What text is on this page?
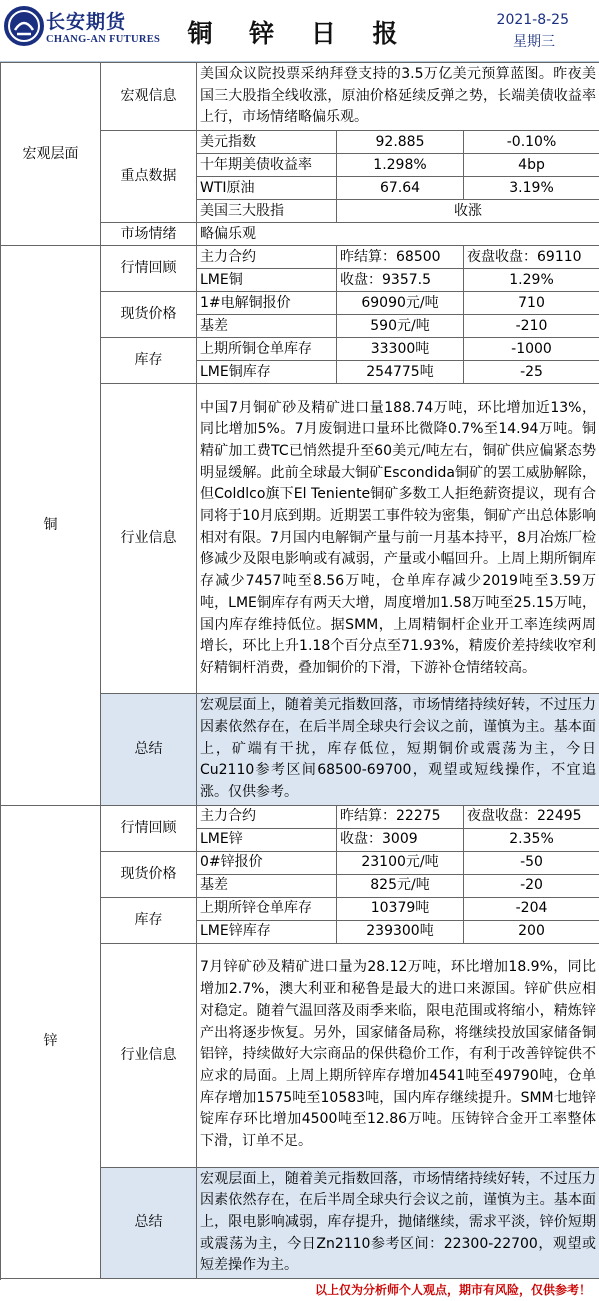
长安期货
CHANG-AN FUTURES	铜 锌 日 报	2021-8-25
星期三
宏观层面	宏观信息	美国众议院投票采纳拜登支持的3.5万亿美元预算蓝图。昨夜美国三大股指全线收涨，原油价格延续反弹之势，长端美债收益率上行，市场情绪略偏乐观。		
	重点数据	美元指数	92.885	-0.10%
		十年期美债收益率	1.298%	4bp
		WTI原油	67.64	3.19%
		美国三大股指	收涨	
	市场情绪	略偏乐观		

铜	行情回顾	主力合约	昨结算：68500	夜盘收盘：69110
		LME铜	收盘：9357.5	1.29%
	现货价格	1#电解铜报价	69090元/吨	710
		基差	590元/吨	-210
	库存	上期所铜仓单库存	33300吨	-1000
		LME铜库存	254775吨	-25
	行业信息	中国7月铜矿砂及精矿进口量188.74万吨，环比增加近13%，同比增加5%。7月废铜进口量环比微降0.7%至14.94万吨。铜精矿加工费TC已悄然提升至60美元/吨左右，铜矿供应偏紧态势明显缓解。此前全球最大铜矿Escondida铜矿的罢工威胁解除，但Coldlco旗下El Teniente铜矿多数工人拒绝薪资提议，现有合同将于10月底到期。近期罢工事件较为密集，铜矿产出总体影响相对有限。7月国内电解铜产量与前一月基本持平，8月冶炼厂检修减少及限电影响或有减弱，产量或小幅回升。上周上期所铜库存减少7457吨至8.56万吨，仓单库存减少2019吨至3.59万吨，LME铜库存有两天大增，周度增加1.58万吨至25.15万吨，国内库存维持低位。据SMM，上周精铜杆企业开工率连续两周增长，环比上升1.18个百分点至71.93%，精废价差持续收窄利好精铜杆消费，叠加铜价的下滑，下游补仓情绪较高。		
	总结	宏观层面上，随着美元指数回落，市场情绪持续好转，不过压力因素依然存在，在后半周全球央行会议之前，谨慎为主。基本面上，矿端有干扰，库存低位，短期铜价或震荡为主，今日Cu2110参考区间68500-69700，观望或短线操作，不宜追涨。仅供参考。		

锌	行情回顾	主力合约	昨结算：22275	夜盘收盘：22495
		LME锌	收盘：3009	2.35%
	现货价格	0#锌报价	23100元/吨	-50
		基差	825元/吨	-20
	库存	上期所锌仓单库存	10379吨	-204
		LME锌库存	239300吨	200
	行业信息	7月锌矿砂及精矿进口量为28.12万吨，环比增加18.9%，同比增加2.7%，澳大利亚和秘鲁是最大的进口来源国。锌矿供应相对稳定。随着气温回落及雨季来临，限电范围或将缩小，精炼锌产出将逐步恢复。另外，国家储备局称，将继续投放国家储备铜铝锌，持续做好大宗商品的保供稳价工作，有利于改善锌锭供不应求的局面。上周上期所锌库存增加4541吨至49790吨，仓单库存增加1575吨至10583吨，国内库存继续提升。SMM七地锌锭库存环比增加4500吨至12.86万吨。压铸锌合金开工率整体下滑，订单不足。		
	总结	宏观层面上，随着美元指数回落，市场情绪持续好转，不过压力因素依然存在，在后半周全球央行会议之前，谨慎为主。基本面上，限电影响减弱，库存提升，抛储继续，需求平淡，锌价短期或震荡为主，今日Zn2110参考区间：22300-22700，观望或短差操作为主。		

以上仅为分析师个人观点，期市有风险，仅供参考！
